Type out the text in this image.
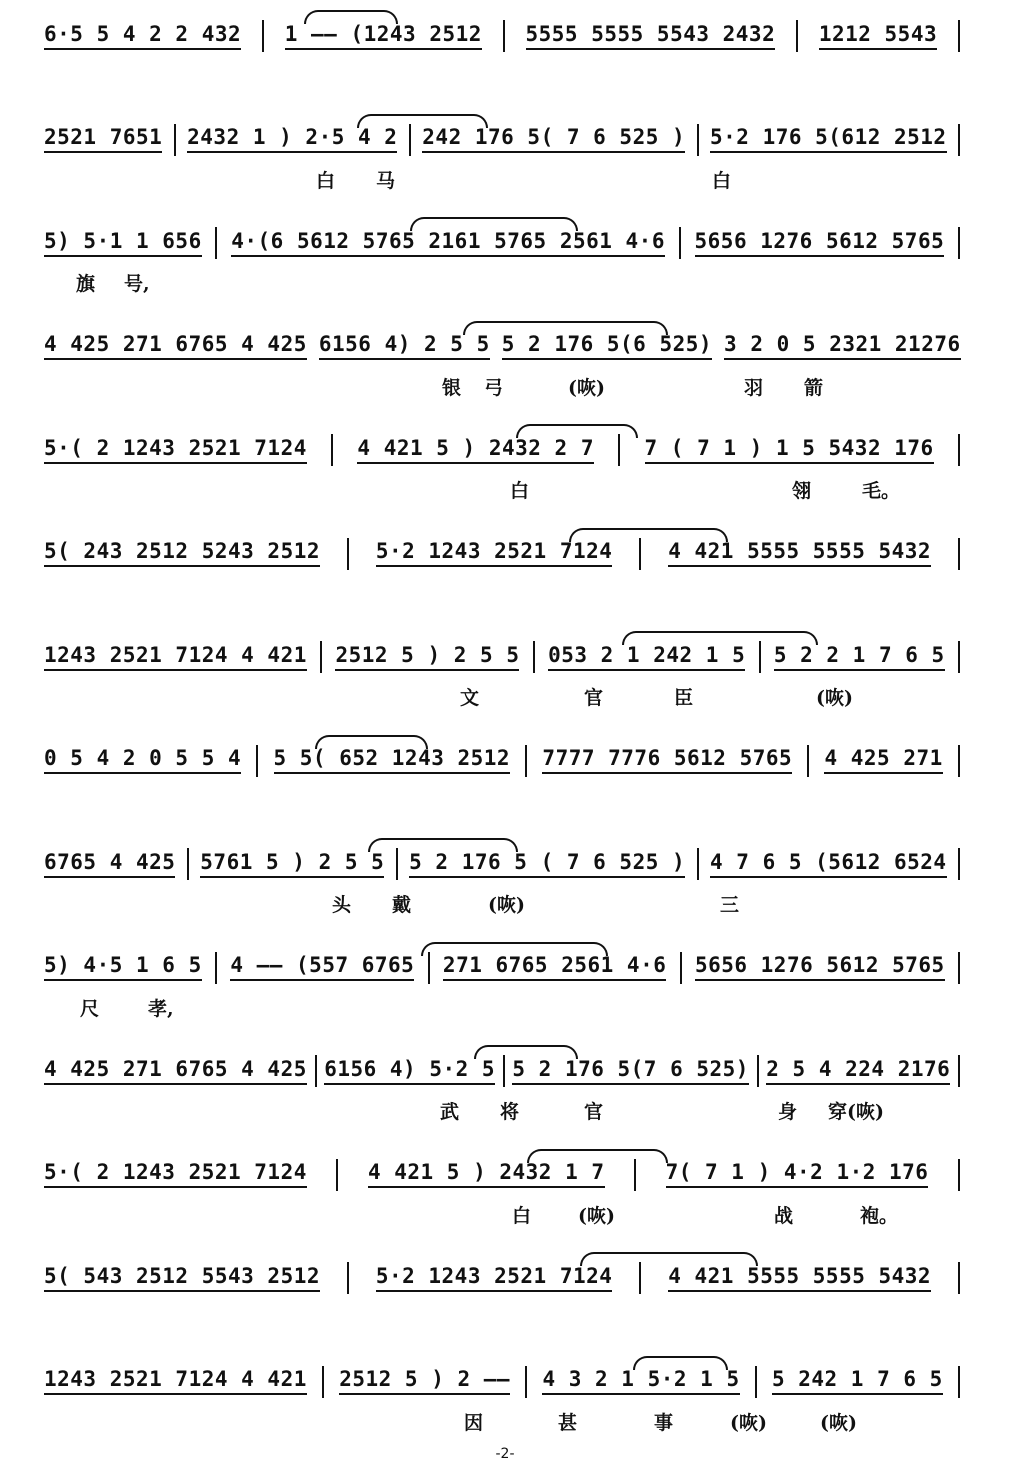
6·5 5 4 2 2 432 1 —— (1243 2512 5555 5555 5543 2432 1212 5543
2521 7651 2432 1 ) 2·5 4 2 242 176 5( 7 6 525 ) 5·2 176 5(612 2512
白 马	白
5) 5·1 1 656 4·(6 5612 5765 2161 5765 2561 4·6 5656 1276 5612 5765
旗 号,
4 425 271 6765 4 425 6156 4) 2 5 5 5 2 176 5(6 525) 3 2 0 5 2321 21276
银 弓	(咴)	羽 箭
5·( 2 1243 2521 7124 4 421 5 ) 2432 2 7 7 ( 7 1 ) 1 5 5432 176
白	翎	毛。
5( 243 2512 5243 2512	5·2 1243 2521 7124	4 421 5555 5555 5432
1243 2521 7124 4 421 2512 5 ) 2 5 5 053 2 1 242 1 5 5 2 2 1 7 6 5
文	官	臣	(咴)
0 5 4 2 0 5 5 4 5 5( 652 1243 2512 7777 7776 5612 5765 4 425 271
6765 4 425 5761 5 ) 2 5 5 5 2 176 5 ( 7 6 525 ) 4 7 6 5 (5612 6524
头 戴	(咴)	三
5) 4·5 1 6 5 4 —— (557 6765 271 6765 2561 4·6 5656 1276 5612 5765
尺	孝,
4 425 271 6765 4 425 6156 4) 5·2 5 5 2 176 5(7 6 525) 2 5 4 224 2176
武 将	官	身 穿(咴)
5·( 2 1243 2521 7124	4 421 5 ) 2432 1 7	7( 7 1 ) 4·2 1·2 176
白 (咴)	战	袍。
5( 543 2512 5543 2512	5·2 1243 2521 7124	4 421 5555 5555 5432
1243 2521 7124 4 421 2512 5 ) 2 —— 4 3 2 1 5·2 1 5 5 242 1 7 6 5
因	甚	事	(咴)	(咴)
-2-
